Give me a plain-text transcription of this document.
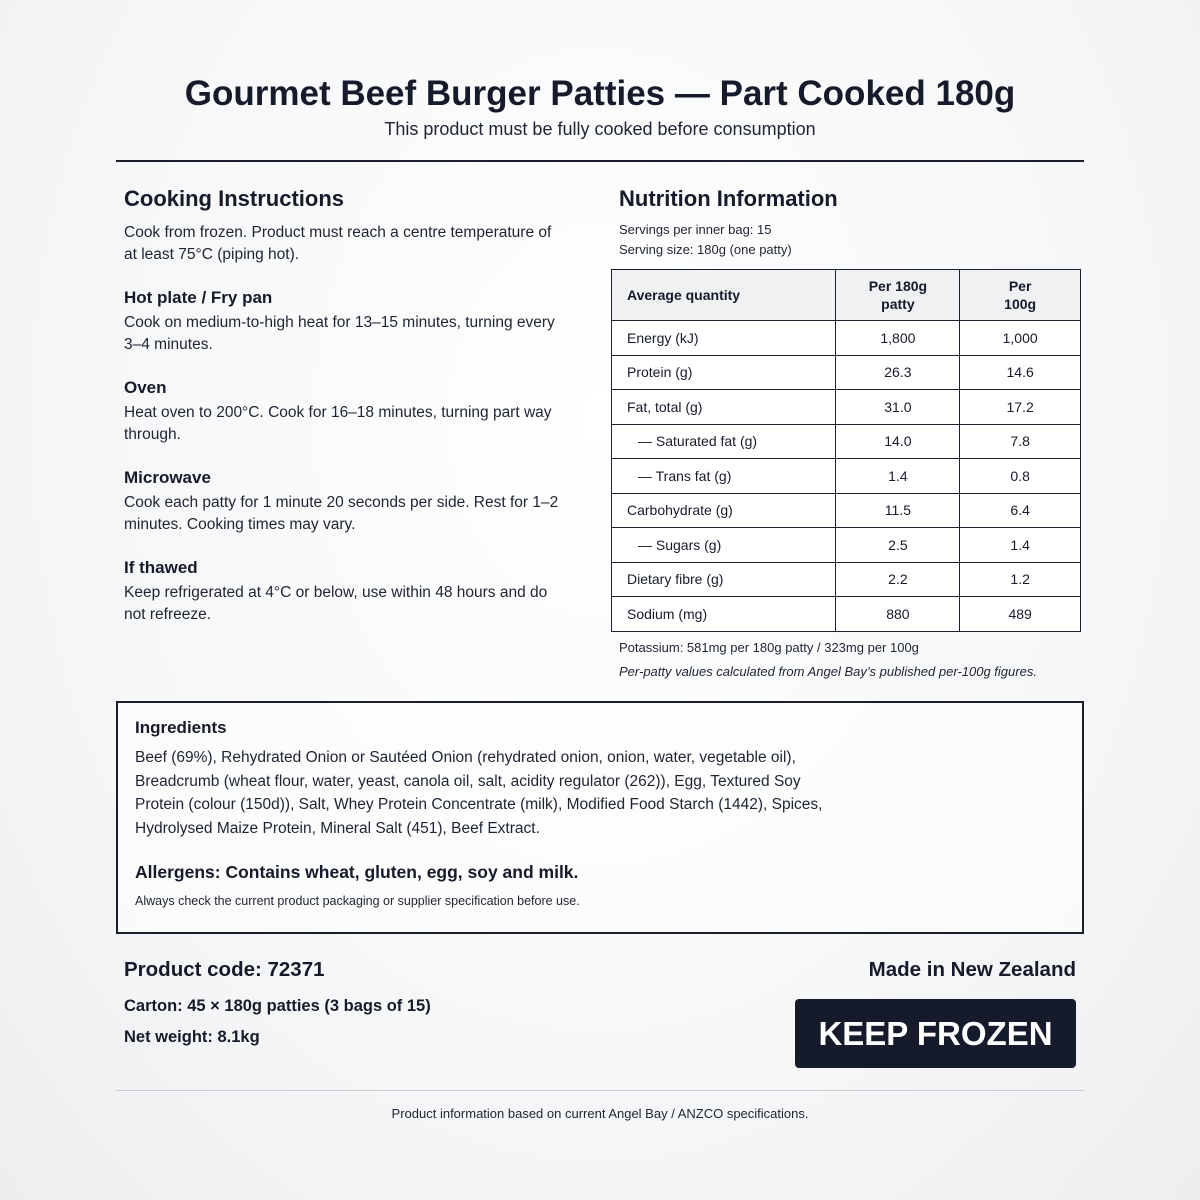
Gourmet Beef Burger Patties — Part Cooked 180g
This product must be fully cooked before consumption
Cooking Instructions
Cook from frozen. Product must reach a centre temperature of at least 75°C (piping hot).
Hot plate / Fry pan
Cook on medium-to-high heat for 13–15 minutes, turning every 3–4 minutes.
Oven
Heat oven to 200°C. Cook for 16–18 minutes, turning part way through.
Microwave
Cook each patty for 1 minute 20 seconds per side. Rest for 1–2 minutes. Cooking times may vary.
If thawed
Keep refrigerated at 4°C or below, use within 48 hours and do not refreeze.
Nutrition Information
Servings per inner bag: 15
Serving size: 180g (one patty)
Average quantity	Per 180g patty	Per 100g
Energy (kJ)	1,800	1,000
Protein (g)	26.3	14.6
Fat, total (g)	31.0	17.2
— Saturated fat (g)	14.0	7.8
— Trans fat (g)	1.4	0.8
Carbohydrate (g)	11.5	6.4
— Sugars (g)	2.5	1.4
Dietary fibre (g)	2.2	1.2
Sodium (mg)	880	489
Potassium: 581mg per 180g patty / 323mg per 100g
Per-patty values calculated from Angel Bay’s published per-100g figures.
Ingredients
Beef (69%), Rehydrated Onion or Sautéed Onion (rehydrated onion, onion, water, vegetable oil), Breadcrumb (wheat flour, water, yeast, canola oil, salt, acidity regulator (262)), Egg, Textured Soy Protein (colour (150d)), Salt, Whey Protein Concentrate (milk), Modified Food Starch (1442), Spices, Hydrolysed Maize Protein, Mineral Salt (451), Beef Extract.
Allergens: Contains wheat, gluten, egg, soy and milk.
Always check the current product packaging or supplier specification before use.
Product code: 72371
Carton: 45 × 180g patties (3 bags of 15)
Net weight: 8.1kg
Made in New Zealand
KEEP FROZEN
Product information based on current Angel Bay / ANZCO specifications.
